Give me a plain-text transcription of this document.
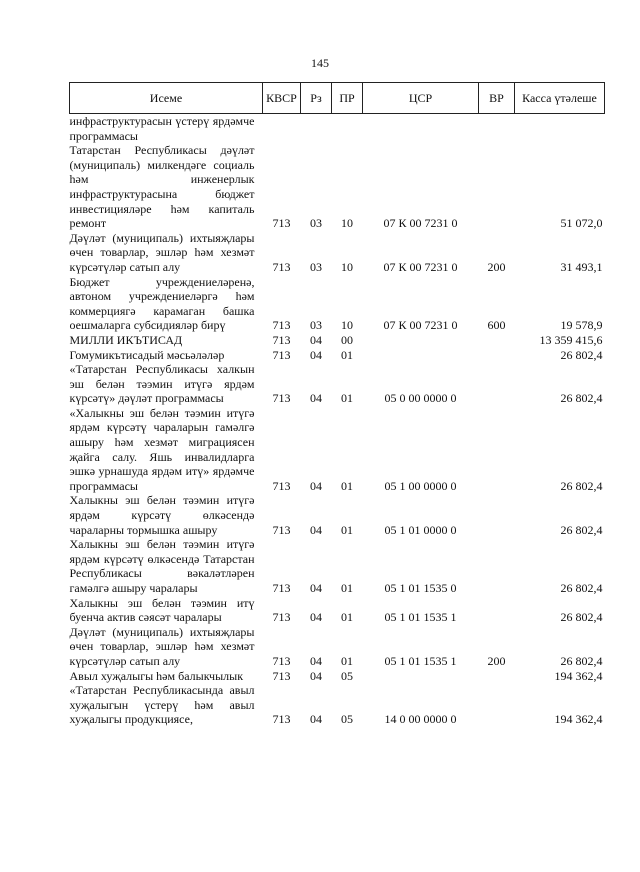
145
Исеме	КВСР	Рз	ПР	ЦСР	ВР	Касса үтәлеше
инфраструктурасын үстерү ярдәмче программасы						
Татарстан Республикасы дәүләт (муниципаль) милкендәге социаль һәм инженерлык инфраструктурасына бюджет инвестицияләре һәм капиталь ремонт	713	03	10	07 К 00 7231 0		51 072,0
Дәүләт (муниципаль) ихтыяҗлары өчен товарлар, эшләр һәм хезмәт күрсәтүләр сатып алу	713	03	10	07 К 00 7231 0	200	31 493,1
Бюджет учреждениеләренә, автоном учреждениеләргә һәм коммерциягә карамаган башка оешмаларга субсидияләр бирү	713	03	10	07 К 00 7231 0	600	19 578,9
МИЛЛИ ИКЪТИСАД	713	04	00			13 359 415,6
Гомумикътисадый мәсьәләләр	713	04	01			26 802,4
«Татарстан Республикасы халкын эш белән тәэмин итүгә ярдәм күрсәтү» дәүләт программасы	713	04	01	05 0 00 0000 0		26 802,4
«Халыкны эш белән тәэмин итүгә ярдәм күрсәтү чараларын гамәлгә ашыру һәм хезмәт миграциясен җайга салу. Яшь инвалидларга эшкә урнашуда ярдәм итү» ярдәмче программасы	713	04	01	05 1 00 0000 0		26 802,4
Халыкны эш белән тәэмин итүгә ярдәм күрсәтү өлкәсендә чараларны тормышка ашыру	713	04	01	05 1 01 0000 0		26 802,4
Халыкны эш белән тәэмин итүгә ярдәм күрсәтү өлкәсендә Татарстан Республикасы вәкаләтләрен гамәлгә ашыру чаралары	713	04	01	05 1 01 1535 0		26 802,4
Халыкны эш белән тәэмин итү буенча актив сәясәт чаралары	713	04	01	05 1 01 1535 1		26 802,4
Дәүләт (муниципаль) ихтыяҗлары өчен товарлар, эшләр һәм хезмәт күрсәтүләр сатып алу	713	04	01	05 1 01 1535 1	200	26 802,4
Авыл хуҗалыгы һәм балыкчылык	713	04	05			194 362,4
«Татарстан Республикасында авыл хуҗалыгын үстерү һәм авыл хуҗалыгы продукциясе,	713	04	05	14 0 00 0000 0		194 362,4
